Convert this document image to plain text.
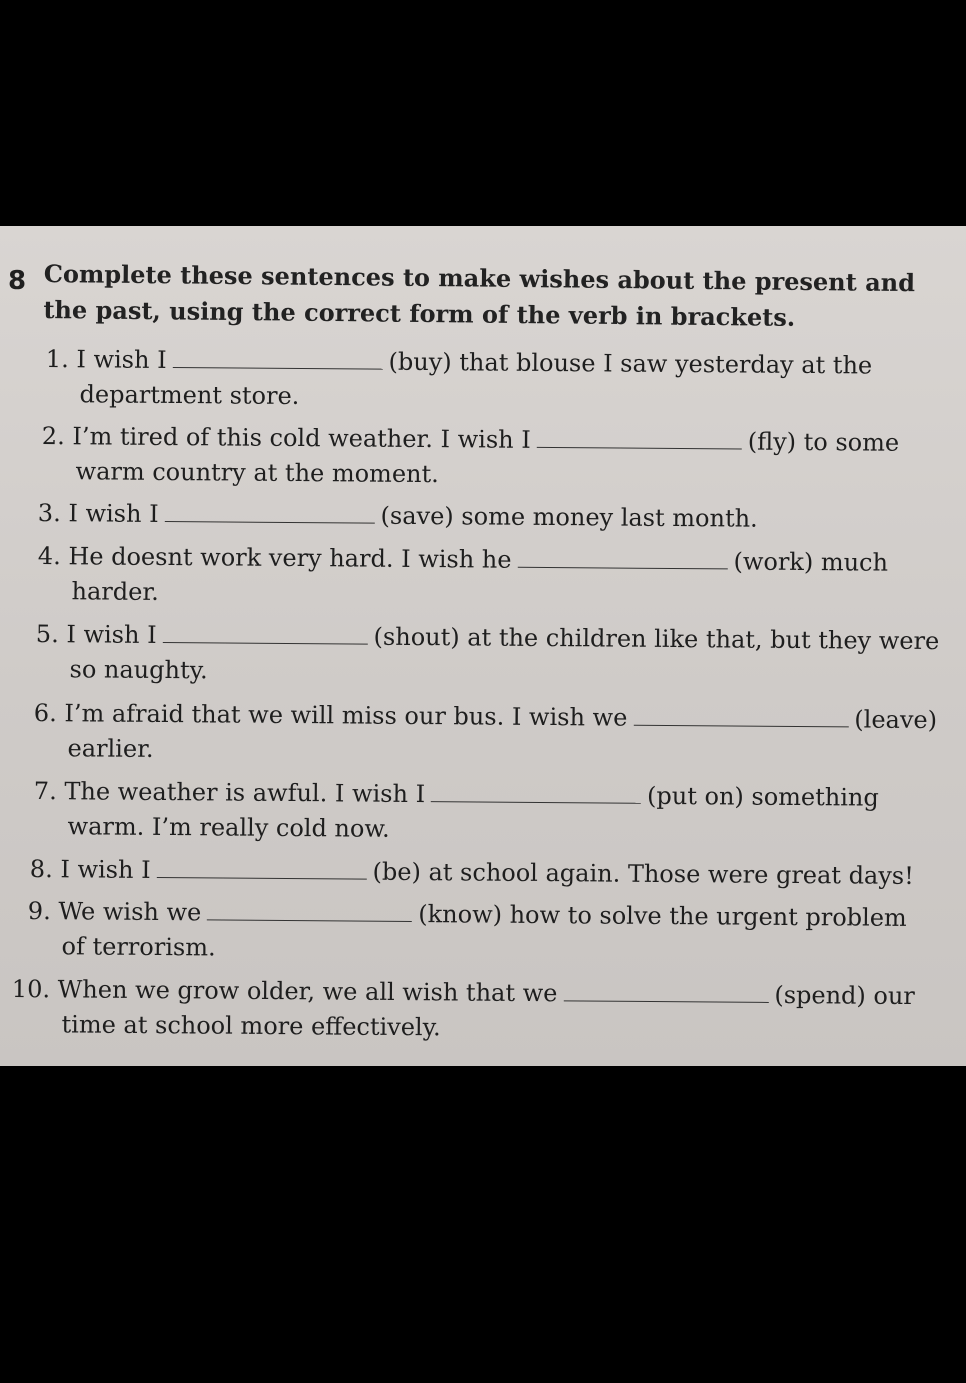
8 Complete these sentences to make wishes about the present and the past, using the correct form of the verb in brackets.
1. I wish I	(buy) that blouse I saw yesterday at the
department store.
2. I’m tired of this cold weather. I wish I	(fly) to some
warm country at the moment.
3. I wish I	(save) some money last month.
4. He doesnt work very hard. I wish he	(work) much
harder.
5. I wish I	(shout) at the children like that, but they were
so naughty.
6. I’m afraid that we will miss our bus. I wish we	(leave)
earlier.
7. The weather is awful. I wish I	(put on) something
warm. I’m really cold now.
8. I wish I	(be) at school again. Those were great days!
9. We wish we	(know) how to solve the urgent problem
of terrorism.
10. When we grow older, we all wish that we	(spend) our
time at school more effectively.
